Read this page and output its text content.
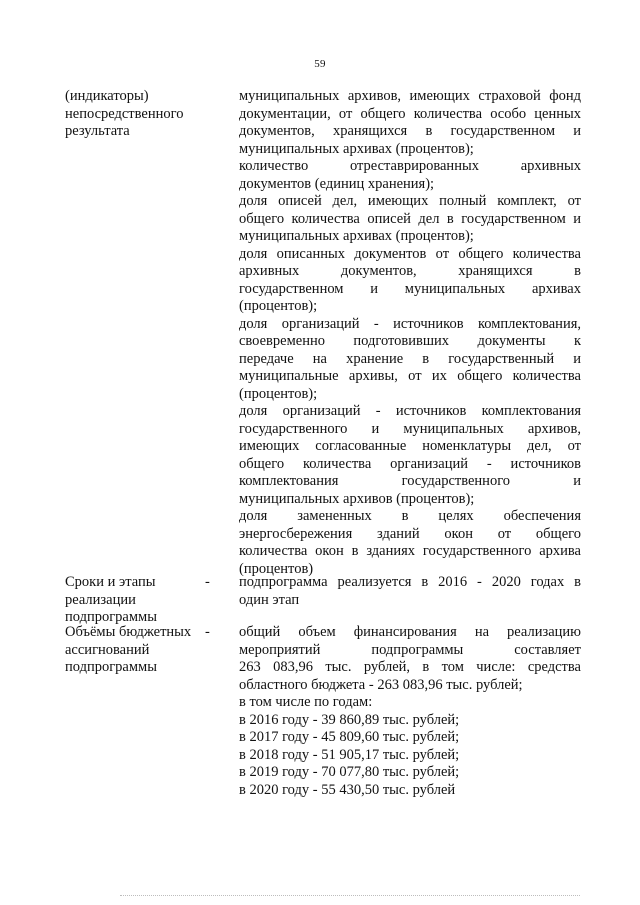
59
(индикаторы)
непосредственного
результата
муниципальных архивов, имеющих страховой фонд
документации, от общего количества особо ценных
документов, хранящихся в государственном и
муниципальных архивах (процентов);
количество отреставрированных архивных
документов (единиц хранения);
доля описей дел, имеющих полный комплект, от
общего количества описей дел в государственном и
муниципальных архивах (процентов);
доля описанных документов от общего количества
архивных документов, хранящихся в
государственном и муниципальных архивах
(процентов);
доля организаций - источников комплектования,
своевременно подготовивших документы к
передаче на хранение в государственный и
муниципальные архивы, от их общего количества
(процентов);
доля организаций - источников комплектования
государственного и муниципальных архивов,
имеющих согласованные номенклатуры дел, от
общего количества организаций - источников
комплектования государственного и
муниципальных архивов (процентов);
доля замененных в целях обеспечения
энергосбережения зданий окон от общего
количества окон в зданиях государственного архива
(процентов)
Сроки и этапы
реализации
подпрограммы
- подпрограмма реализуется в 2016 - 2020 годах в
один этап
Объёмы бюджетных
ассигнований
подпрограммы
- общий объем финансирования на реализацию
мероприятий подпрограммы составляет
263 083,96 тыс. рублей, в том числе: средства
областного бюджета - 263 083,96 тыс. рублей;
в том числе по годам:
в 2016 году - 39 860,89 тыс. рублей;
в 2017 году - 45 809,60 тыс. рублей;
в 2018 году - 51 905,17 тыс. рублей;
в 2019 году - 70 077,80 тыс. рублей;
в 2020 году - 55 430,50 тыс. рублей
